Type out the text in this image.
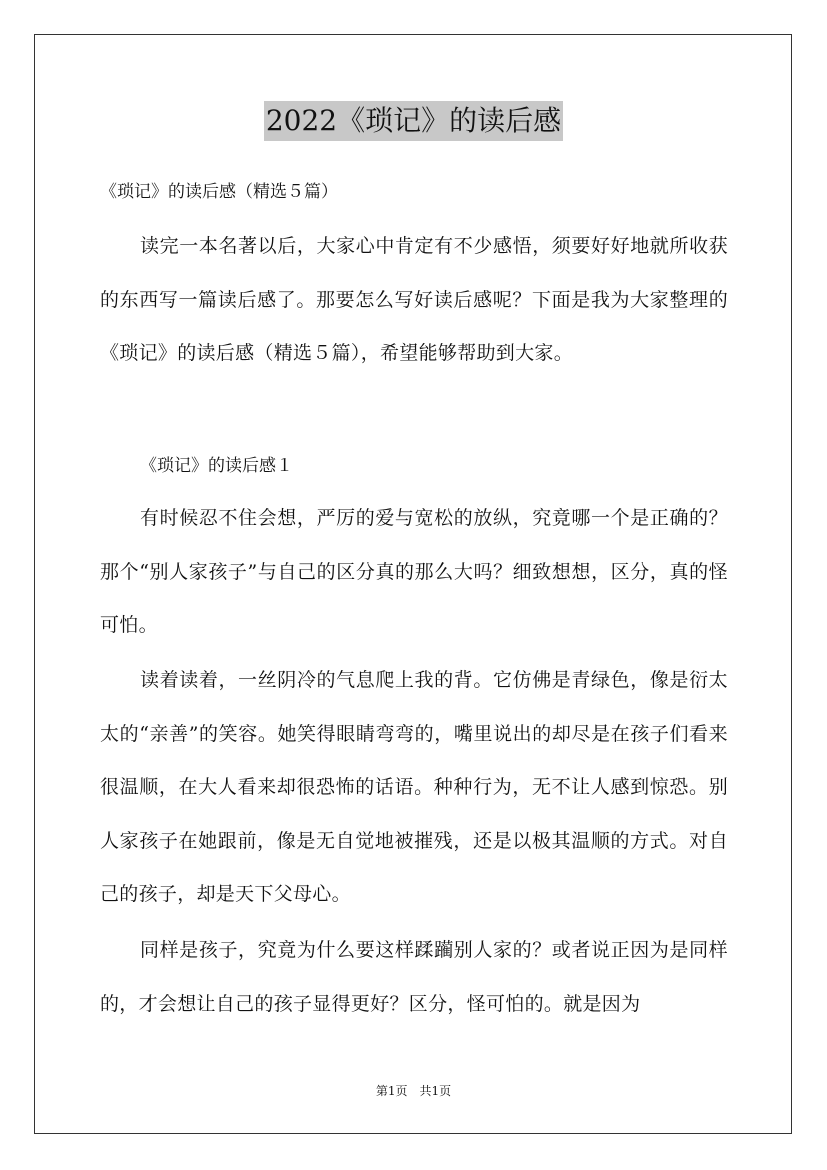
2022《琐记》的读后感

《琐记》的读后感（精选５篇）

读完一本名著以后，大家心中肯定有不少感悟，须要好好地就所收获的东西写一篇读后感了。那要怎么写好读后感呢？下面是我为大家整理的《琐记》的读后感（精选５篇），希望能够帮助到大家。

《琐记》的读后感１

有时候忍不住会想，严厉的爱与宽松的放纵，究竟哪一个是正确的？那个“别人家孩子”与自己的区分真的那么大吗？细致想想，区分，真的怪可怕。

读着读着，一丝阴冷的气息爬上我的背。它仿佛是青绿色，像是衍太太的“亲善”的笑容。她笑得眼睛弯弯的，嘴里说出的却尽是在孩子们看来很温顺，在大人看来却很恐怖的话语。种种行为，无不让人感到惊恐。别人家孩子在她跟前，像是无自觉地被摧残，还是以极其温顺的方式。对自己的孩子，却是天下父母心。

同样是孩子，究竟为什么要这样蹂躏别人家的？或者说正因为是同样的，才会想让自己的孩子显得更好？区分，怪可怕的。就是因为

第1页　共1页
